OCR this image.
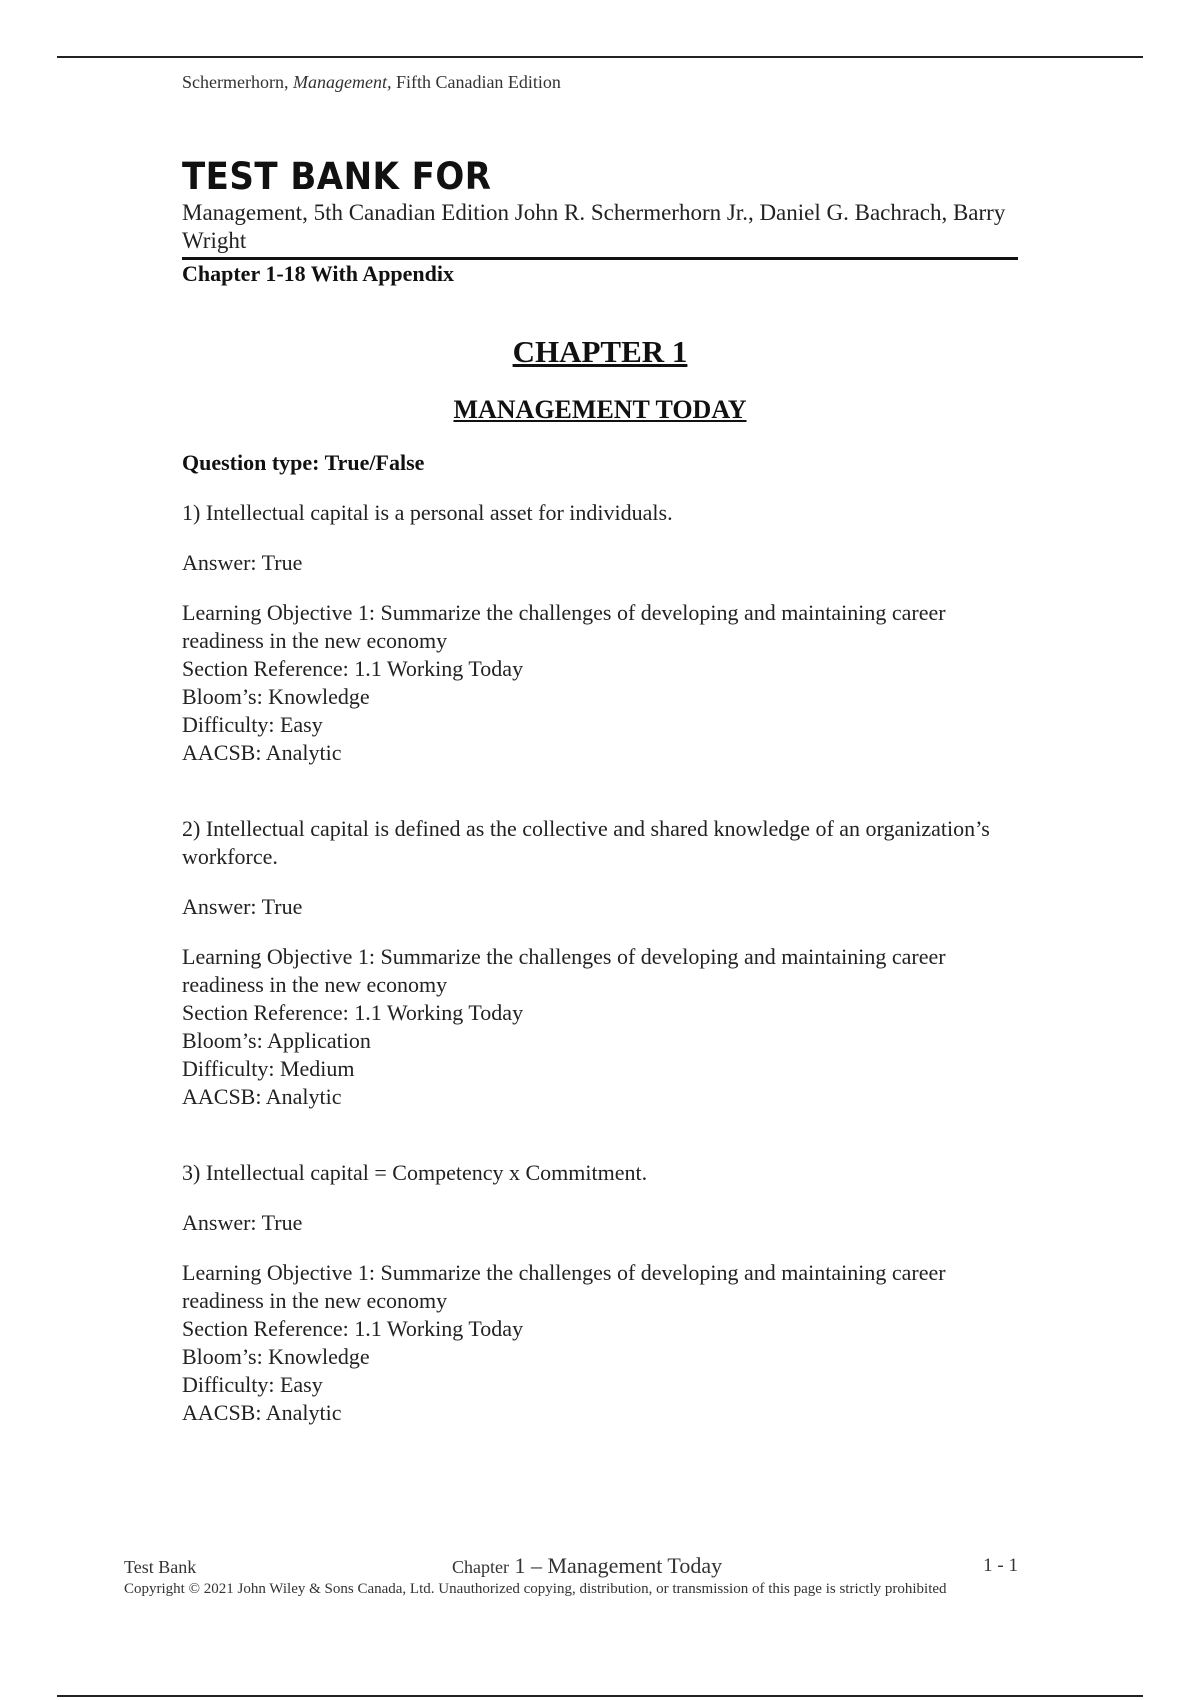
Schermerhorn, Management, Fifth Canadian Edition
TEST BANK FOR
Management, 5th Canadian Edition John R. Schermerhorn Jr., Daniel G. Bachrach, Barry Wright
Chapter 1-18 With Appendix
CHAPTER 1
MANAGEMENT TODAY

Question type: True/False

1) Intellectual capital is a personal asset for individuals.

Answer: True

Learning Objective 1: Summarize the challenges of developing and maintaining career readiness in the new economy

Section Reference: 1.1 Working Today

Bloom’s: Knowledge

Difficulty: Easy

AACSB: Analytic

2) Intellectual capital is defined as the collective and shared knowledge of an organization’s workforce.

Answer: True

Learning Objective 1: Summarize the challenges of developing and maintaining career readiness in the new economy

Section Reference: 1.1 Working Today

Bloom’s: Application

Difficulty: Medium

AACSB: Analytic

3) Intellectual capital = Competency x Commitment.

Answer: True

Learning Objective 1: Summarize the challenges of developing and maintaining career readiness in the new economy

Section Reference: 1.1 Working Today

Bloom’s: Knowledge

Difficulty: Easy

AACSB: Analytic

Test Bank	Chapter 1 – Management Today	1 - 1
Copyright © 2021 John Wiley & Sons Canada, Ltd. Unauthorized copying, distribution, or transmission of this page is strictly prohibited
